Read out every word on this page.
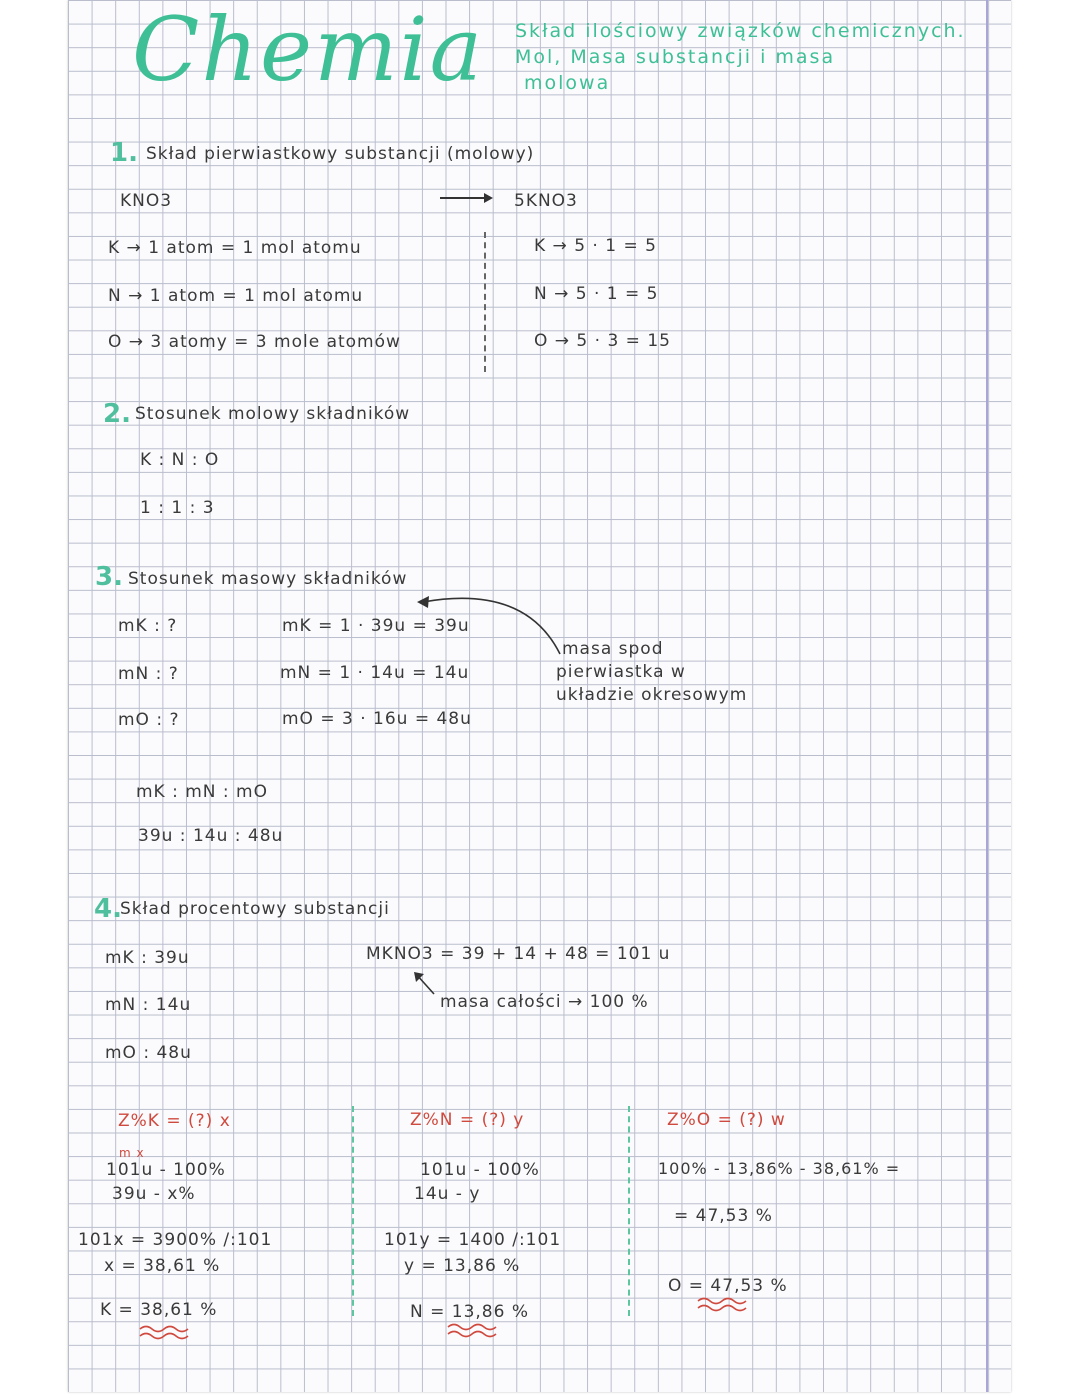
Chemia Skład ilościowy związków chemicznych.
Mol, Masa substancji i masa
molowa
1. Skład pierwiastkowy substancji (molowy)
KNO3	5KNO3
K → 1 atom = 1 mol atomu
N → 1 atom = 1 mol atomu
O → 3 atomy = 3 mole atomów
K → 5 · 1 = 5
N → 5 · 1 = 5
O → 5 · 3 = 15
2. Stosunek molowy składników
K : N : O
1 : 1 : 3
3. Stosunek masowy składników
mK : ?
mN : ?
mO : ?
mK = 1 · 39u = 39u
mN = 1 · 14u = 14u
mO = 3 · 16u = 48u
masa spod
pierwiastka w
układzie okresowym
mK : mN : mO
39u : 14u : 48u
4.
Skład procentowy substancji
mK : 39u
mN : 14u
mO : 48u
MKNO3 = 39 + 14 + 48 = 101 u
masa całości → 100 %
Z%K = (?) x
m x
101u - 100%
39u - x%
101x = 3900% /:101
x = 38,61 %
K = 38,61 %
Z%N = (?) y
101u - 100%
14u - y
101y = 1400 /:101
y = 13,86 %
N = 13,86 %
Z%O = (?) w
100% - 13,86% - 38,61% =
= 47,53 %
O = 47,53 %
